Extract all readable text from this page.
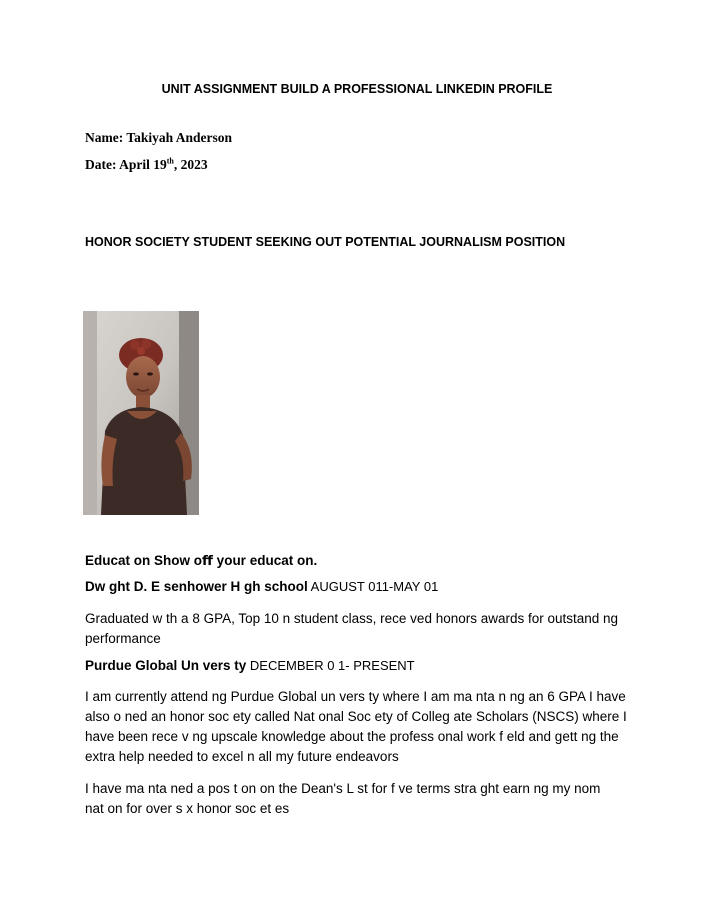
UNIT ASSIGNMENT BUILD A PROFESSIONAL LINKEDIN PROFILE
Name: Takiyah Anderson
Date: April 19th, 2023
HONOR SOCIETY STUDENT SEEKING OUT POTENTIAL JOURNALISM POSITION
Educat on Show oﬀ your educat on.
Dw ght D. E senhower H gh school AUGUST 011-MAY 01
Graduated w th a 8 GPA, Top 10 n student class, rece ved honors awards for outstand ng performance
Purdue Global Un vers ty DECEMBER 0 1- PRESENT
I am currently attend ng Purdue Global un vers ty where I am ma nta n ng an 6 GPA I have also o ned an honor soc ety called Nat onal Soc ety of Colleg ate Scholars (NSCS) where I have been rece v ng upscale knowledge about the profess onal work f eld and gett ng the extra help needed to excel n all my future endeavors
I have ma nta ned a pos t on on the Dean's L st for f ve terms stra ght earn ng my nom nat on for over s x honor soc et es
